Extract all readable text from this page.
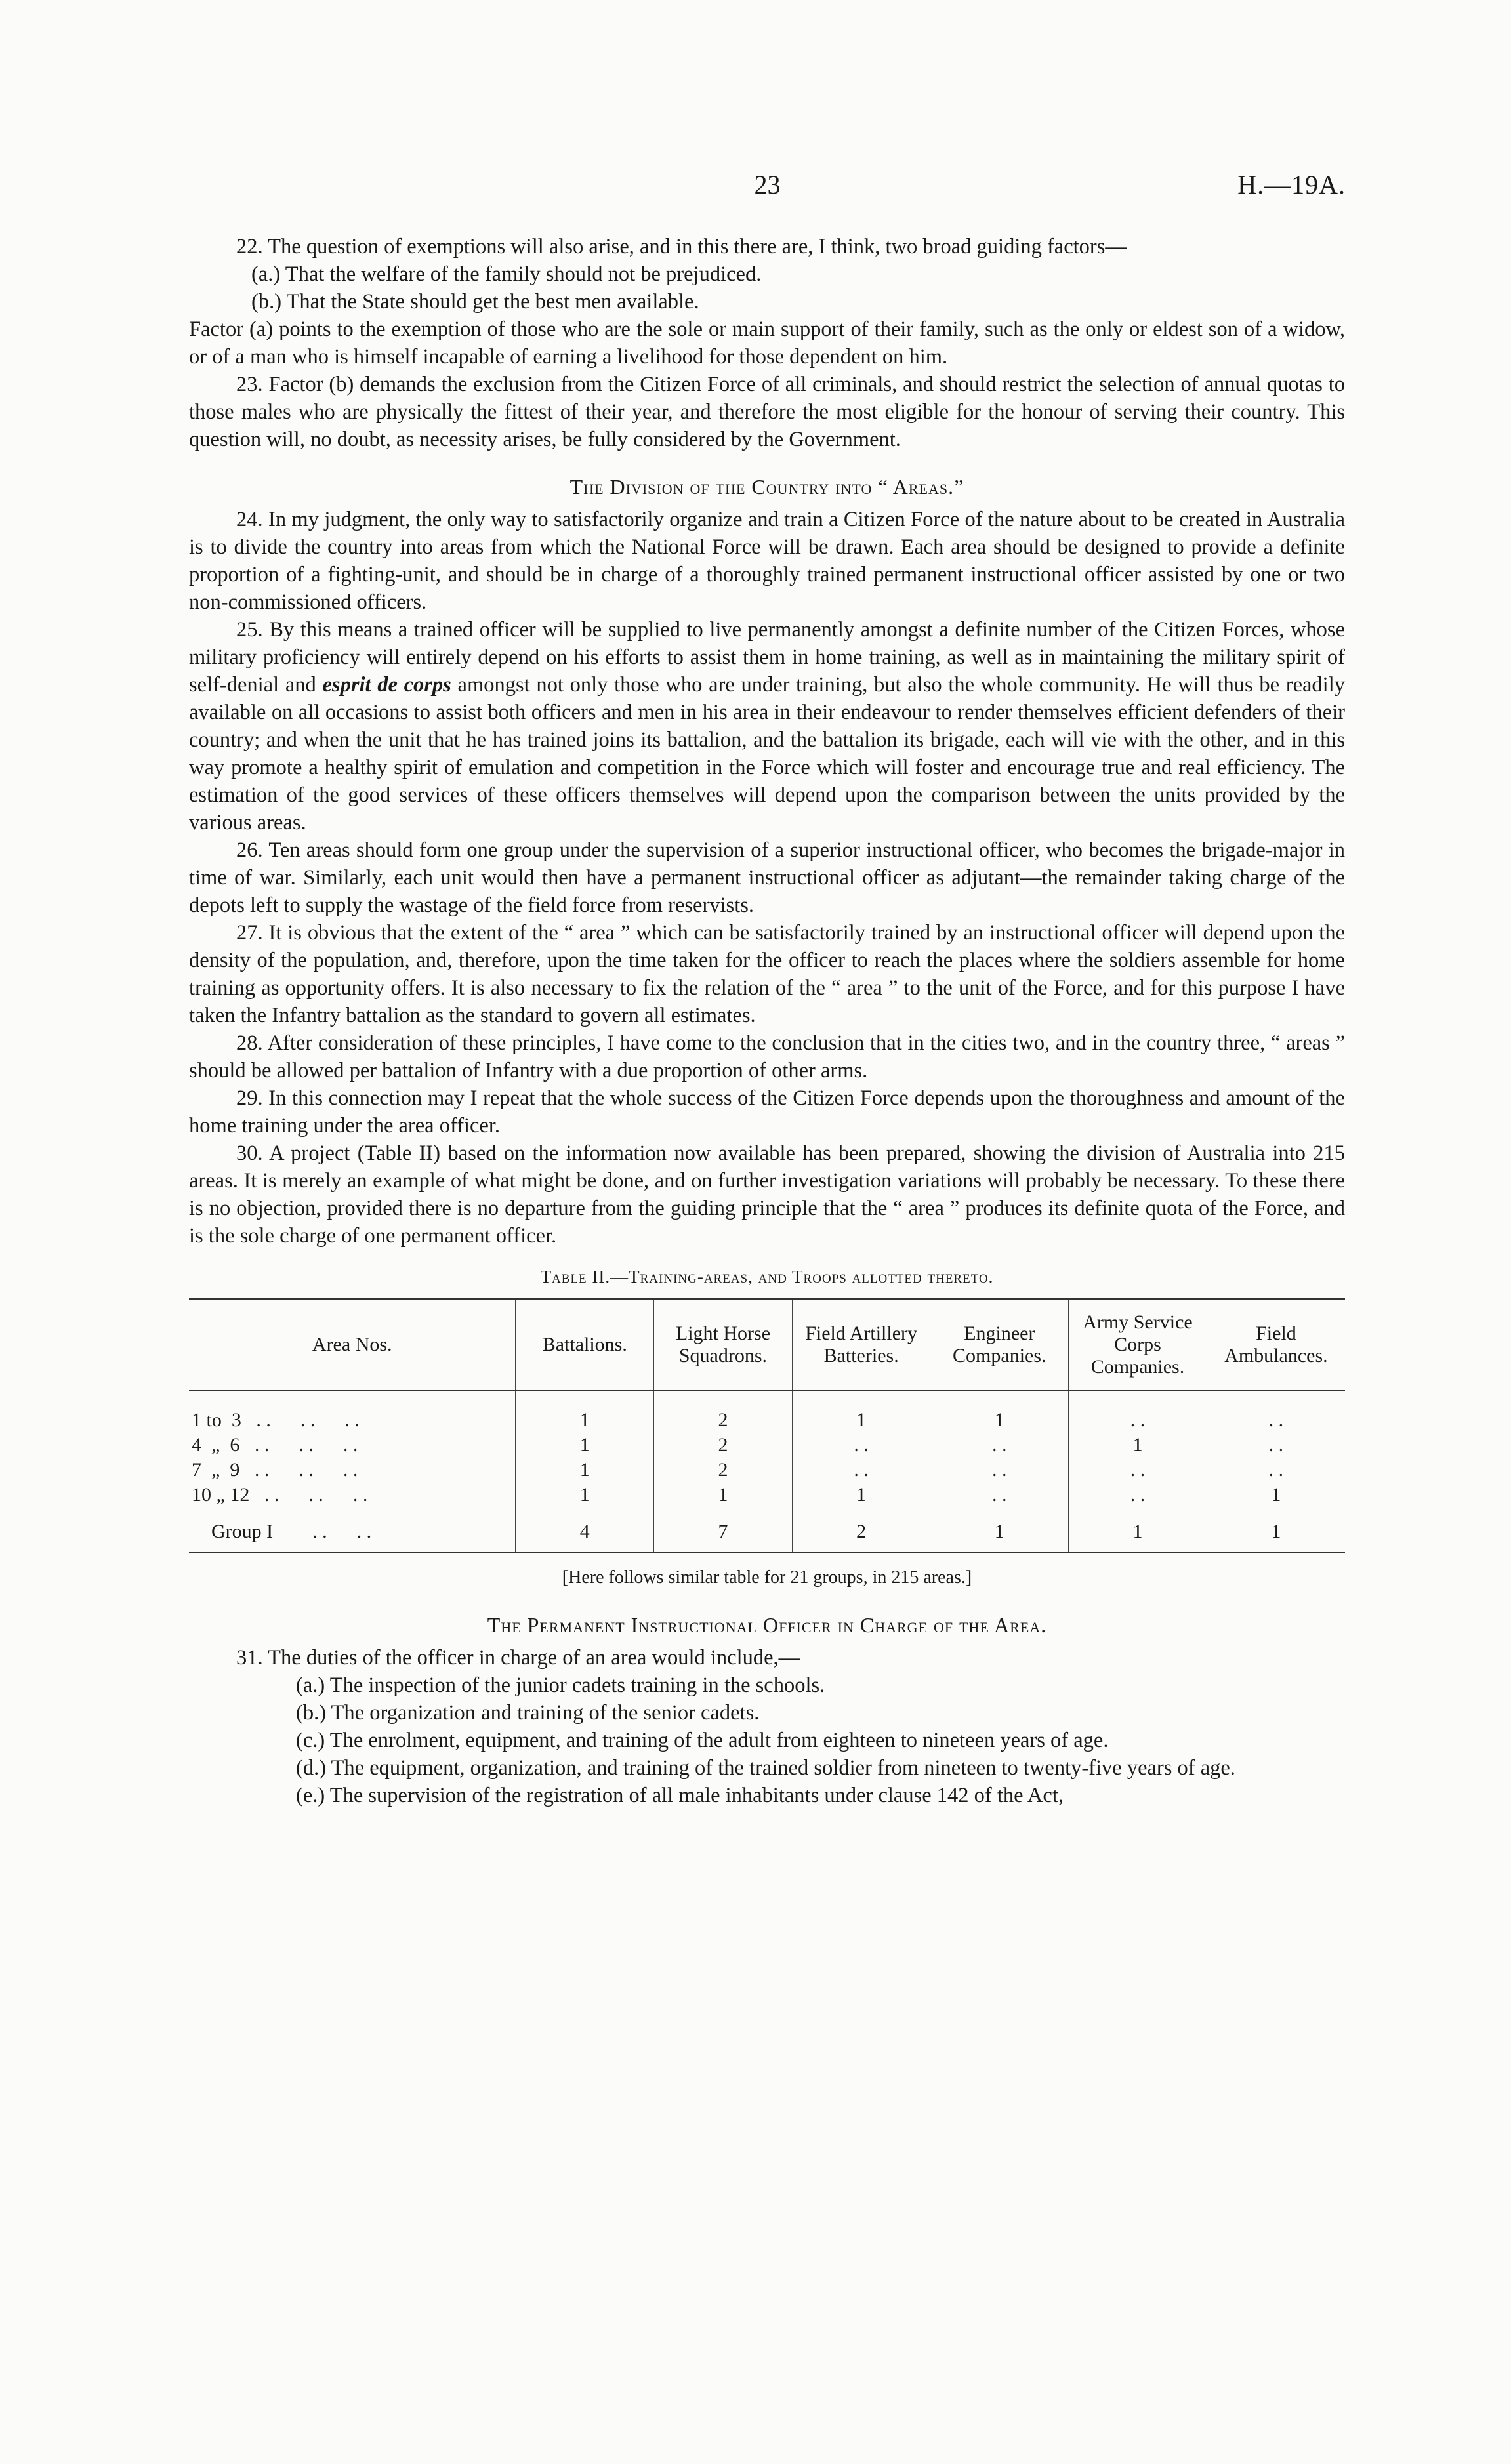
23	H.—19A.

22. The question of exemptions will also arise, and in this there are, I think, two broad guiding factors—

(a.) That the welfare of the family should not be prejudiced.

(b.) That the State should get the best men available.

Factor (a) points to the exemption of those who are the sole or main support of their family, such as the only or eldest son of a widow, or of a man who is himself incapable of earning a livelihood for those dependent on him.

23. Factor (b) demands the exclusion from the Citizen Force of all criminals, and should restrict the selection of annual quotas to those males who are physically the fittest of their year, and therefore the most eligible for the honour of serving their country. This question will, no doubt, as necessity arises, be fully considered by the Government.

The Division of the Country into “ Areas.”

24. In my judgment, the only way to satisfactorily organize and train a Citizen Force of the nature about to be created in Australia is to divide the country into areas from which the National Force will be drawn. Each area should be designed to provide a definite proportion of a fighting-unit, and should be in charge of a thoroughly trained permanent instructional officer assisted by one or two non-commissioned officers.

25. By this means a trained officer will be supplied to live permanently amongst a definite number of the Citizen Forces, whose military proficiency will entirely depend on his efforts to assist them in home training, as well as in maintaining the military spirit of self-denial and esprit de corps amongst not only those who are under training, but also the whole community. He will thus be readily available on all occasions to assist both officers and men in his area in their endeavour to render themselves efficient defenders of their country; and when the unit that he has trained joins its battalion, and the battalion its brigade, each will vie with the other, and in this way promote a healthy spirit of emulation and competition in the Force which will foster and encourage true and real efficiency. The estimation of the good services of these officers themselves will depend upon the comparison between the units provided by the various areas.

26. Ten areas should form one group under the supervision of a superior instructional officer, who becomes the brigade-major in time of war. Similarly, each unit would then have a permanent instructional officer as adjutant—the remainder taking charge of the depots left to supply the wastage of the field force from reservists.

27. It is obvious that the extent of the “ area ” which can be satisfactorily trained by an instructional officer will depend upon the density of the population, and, therefore, upon the time taken for the officer to reach the places where the soldiers assemble for home training as opportunity offers. It is also necessary to fix the relation of the “ area ” to the unit of the Force, and for this purpose I have taken the Infantry battalion as the standard to govern all estimates.

28. After consideration of these principles, I have come to the conclusion that in the cities two, and in the country three, “ areas ” should be allowed per battalion of Infantry with a due proportion of other arms.

29. In this connection may I repeat that the whole success of the Citizen Force depends upon the thoroughness and amount of the home training under the area officer.

30. A project (Table II) based on the information now available has been prepared, showing the division of Australia into 215 areas. It is merely an example of what might be done, and on further investigation variations will probably be necessary. To these there is no objection, provided there is no departure from the guiding principle that the “ area ” produces its definite quota of the Force, and is the sole charge of one permanent officer.

Table II.—Training-areas, and Troops allotted thereto.
Area Nos.	Battalions.	Light Horse Squadrons.	Field Artillery Batteries.	Engineer Companies.	Army Service Corps Companies.	Field Ambulances.

1 to  3   . .      . .      . .	1	2	1	1	. .	. .
4  „  6   . .      . .      . .	1	2	. .	. .	1	. .
7  „  9   . .      . .      . .	1	2	. .	. .	. .	. .
10 „ 12   . .      . .      . .	1	1	1	. .	. .	1
Group I        . .      . .	4	7	2	1	1	1
[Here follows similar table for 21 groups, in 215 areas.]
The Permanent Instructional Officer in Charge of the Area.

31. The duties of the officer in charge of an area would include,—

(a.) The inspection of the junior cadets training in the schools.

(b.) The organization and training of the senior cadets.

(c.) The enrolment, equipment, and training of the adult from eighteen to nineteen years of age.

(d.) The equipment, organization, and training of the trained soldier from nineteen to twenty-five years of age.

(e.) The supervision of the registration of all male inhabitants under clause 142 of the Act,
